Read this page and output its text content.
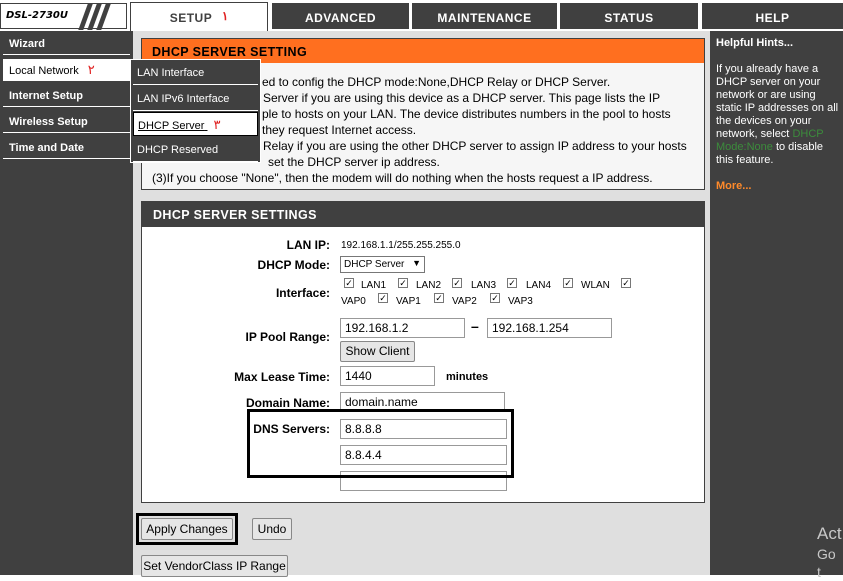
DSL-2730U	SETUP ١	ADVANCED	MAINTENANCE	STATUS	HELP
Wizard
Local Network ٢
Internet Setup
Wireless Setup
Time and Date
DHCP SERVER SETTING
ed to config the DHCP mode:None,DHCP Relay or DHCP Server.
Server if you are using this device as a DHCP server. This page lists the IP
ple to hosts on your LAN. The device distributes numbers in the pool to hosts
they request Internet access.
Relay if you are using the other DHCP server to assign IP address to your hosts
set the DHCP server ip address.
(3)If you choose "None", then the modem will do nothing when the hosts request a IP address.
LAN Interface
LAN IPv6 Interface
DHCP Server ٣
DHCP Reserved
DHCP SERVER SETTINGS
LAN IP: 192.168.1.1/255.255.255.0
DHCP Mode: DHCP Server ▼
Interface:
✓ LAN1 ✓ LAN2 ✓ LAN3 ✓ LAN4 ✓ WLAN ✓
VAP0 ✓ VAP1 ✓ VAP2 ✓ VAP3
IP Pool Range:
192.168.1.2	–	192.168.1.254
Show Client
Max Lease Time:	1440	minutes
Domain Name:	domain.name
DNS Servers:	8.8.8.8
8.8.4.4
Apply Changes	Undo
Set VendorClass IP Range
Helpful Hints...
If you already have a DHCP server on your network or are using static IP addresses on all the devices on your network, select DHCP Mode:None to disable this feature.
More...
Act
Go t
